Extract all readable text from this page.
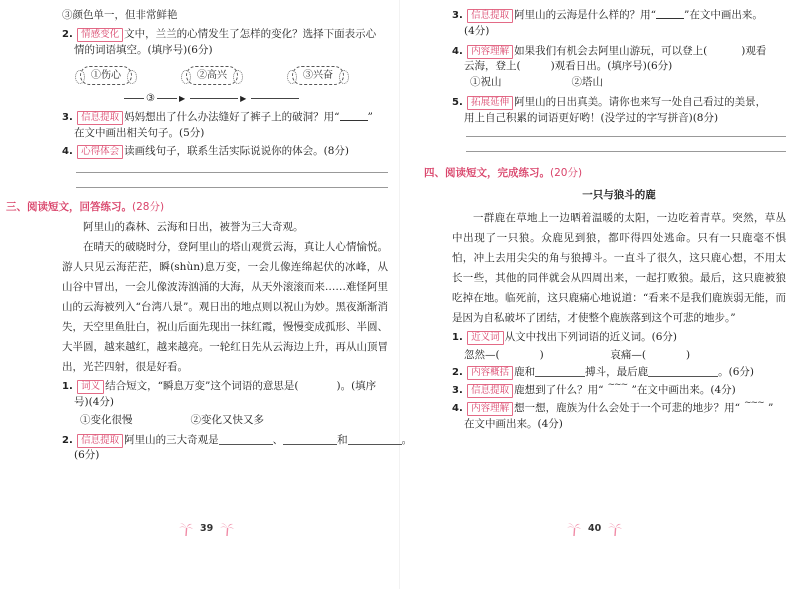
③颜色单一，但非常鲜艳
2. 情感变化 文中，兰兰的心情发生了怎样的变化？选择下面表示心
情的词语填空。(填序号)(6分)
①伤心	②高兴	③兴奋
③	▶	▶
3. 信息提取 妈妈想出了什么办法缝好了裤子上的破洞？用“	”
在文中画出相关句子。(5分)
4. 心得体会 读画线句子，联系生活实际说说你的体会。(8分)
三、阅读短文，回答练习。(28分)
阿里山的森林、云海和日出，被誉为三大奇观。
在晴天的破晓时分，登阿里山的塔山观赏云海，真让人心情愉悦。游人只见云海茫茫，瞬(shùn)息万变，一会儿像连绵起伏的冰峰，从山谷中冒出，一会儿像波涛汹涌的大海，从天外滚滚而来……难怪阿里山的云海被列入“台湾八景”。观日出的地点则以祝山为妙。黑夜渐渐消失，天空里鱼肚白，祝山后面先现出一抹红霞，慢慢变成孤形、半圆、大半圆，越来越红，越来越亮。一轮红日先从云海边上升，再从山顶冒出，光芒四射，很是好看。
1. 词义 结合短文，“瞬息万变”这个词语的意思是(	)。(填序
号)(4分)
①变化很慢	②变化又快又多
2. 信息提取 阿里山的三大奇观是	、	和	。
(6分)
39
3. 信息提取 阿里山的云海是什么样的？用“	”在文中画出来。
(4分)
4. 内容理解 如果我们有机会去阿里山游玩，可以登上(	)观看
云海，登上(	)观看日出。(填序号)(6分)
①祝山	②塔山
5. 拓展延伸 阿里山的日出真美。请你也来写一处自己看过的美景，
用上自己积累的词语更好哟！(没学过的字写拼音)(8分)
四、阅读短文，完成练习。(20分)
一只与狼斗的鹿
一群鹿在草地上一边晒着温暖的太阳，一边吃着青草。突然，草丛中出现了一只狼。众鹿见到狼，都吓得四处逃命。只有一只鹿毫不惧怕，冲上去用尖尖的角与狼搏斗。一直斗了很久，这只鹿心想，不用太长一些，其他的同伴就会从四周出来，一起打败狼。最后，这只鹿被狼吃掉在地。临死前，这只鹿痛心地说道：“看来不是我们鹿族弱无能，而是因为自私破坏了团结，才使整个鹿族落到这个可悲的地步。”
1. 近义词 从文中找出下列词语的近义词。(6分)
忽然—(	)	哀痛—(	)
2. 内容概括 鹿和	搏斗，最后鹿	。(6分)
3. 信息提取 鹿想到了什么？用“ ~~~	”在文中画出来。(4分)
4. 内容理解 想一想，鹿族为什么会处于一个可悲的地步？用“ ~~~	”
在文中画出来。(4分)
40
